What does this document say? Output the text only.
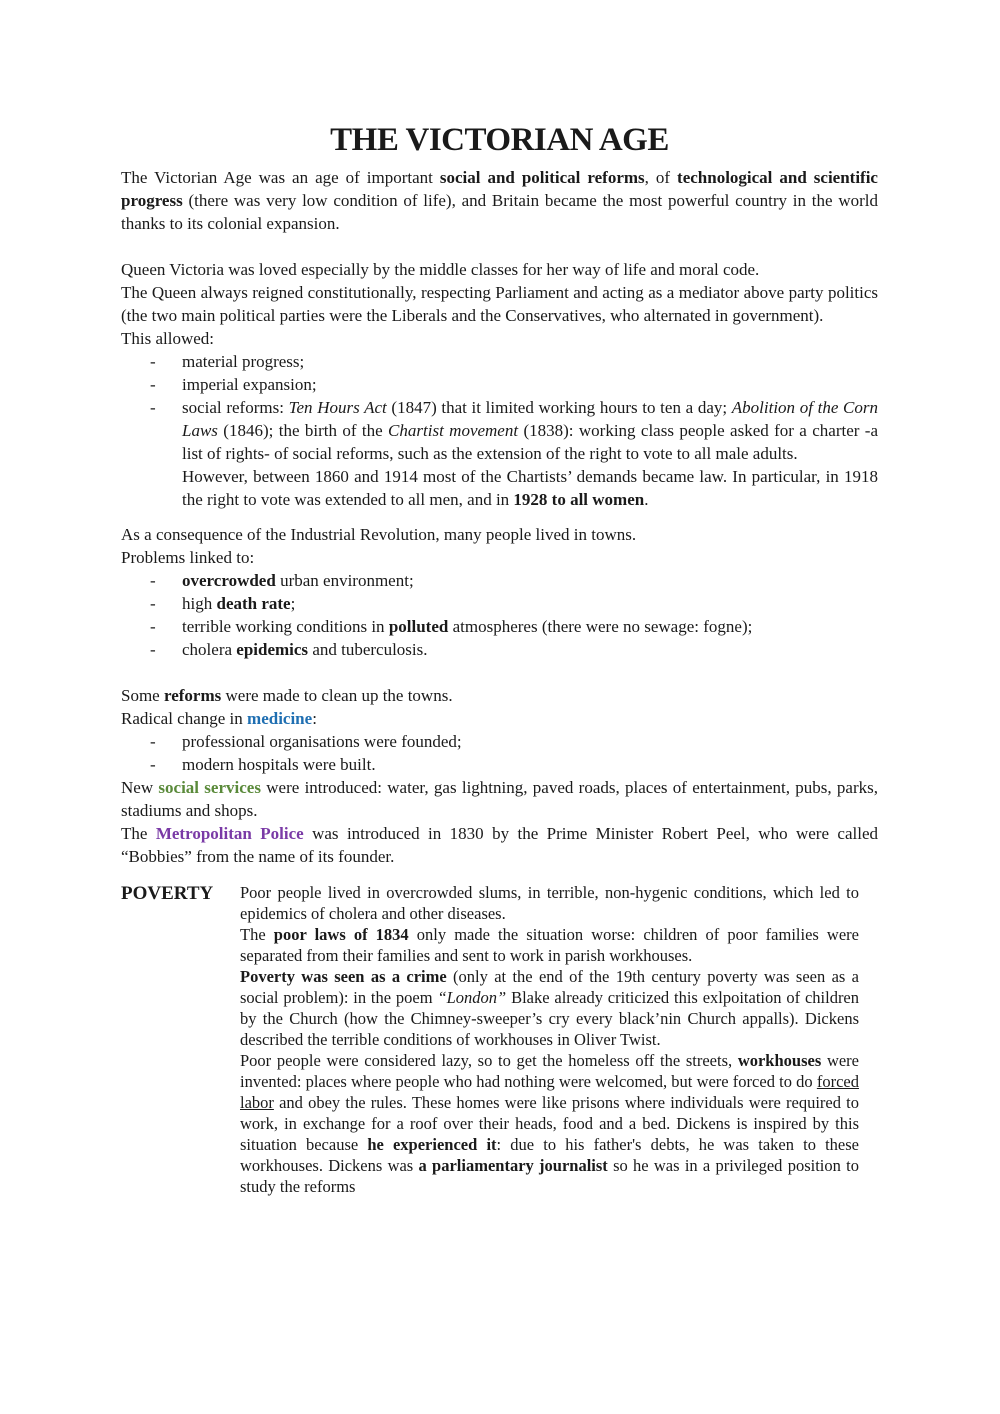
THE VICTORIAN AGE

The Victorian Age was an age of important social and political reforms, of technological and scientific progress (there was very low condition of life), and Britain became the most powerful country in the world thanks to its colonial expansion.

Queen Victoria was loved especially by the middle classes for her way of life and moral code.

The Queen always reigned constitutionally, respecting Parliament and acting as a mediator above party politics (the two main political parties were the Liberals and the Conservatives, who alternated in government).

This allowed:

- material progress;
- imperial expansion;
- social reforms: Ten Hours Act (1847) that it limited working hours to ten a day; Abolition of the Corn Laws (1846); the birth of the Chartist movement (1838): working class people asked for a charter -a list of rights- of social reforms, such as the extension of the right to vote to all male adults.
However, between 1860 and 1914 most of the Chartists’ demands became law. In particular, in 1918 the right to vote was extended to all men, and in 1928 to all women.

As a consequence of the Industrial Revolution, many people lived in towns.

Problems linked to:

- overcrowded urban environment;
- high death rate;
- terrible working conditions in polluted atmospheres (there were no sewage: fogne);
- cholera epidemics and tuberculosis.

Some reforms were made to clean up the towns.

Radical change in medicine:

- professional organisations were founded;
- modern hospitals were built.

New social services were introduced: water, gas lightning, paved roads, places of entertainment, pubs, parks, stadiums and shops.

The Metropolitan Police was introduced in 1830 by the Prime Minister Robert Peel, who were called “Bobbies” from the name of its founder.

POVERTY	Poor people lived in overcrowded slums, in terrible, non-hygenic conditions, which led to epidemics of cholera and other diseases.

The poor laws of 1834 only made the situation worse: children of poor families were separated from their families and sent to work in parish workhouses.

Poverty was seen as a crime (only at the end of the 19th century poverty was seen as a social problem): in the poem “London” Blake already criticized this exlpoitation of children by the Church (how the Chimney-sweeper’s cry every black’nin Church appalls). Dickens described the terrible conditions of workhouses in Oliver Twist.

Poor people were considered lazy, so to get the homeless off the streets, workhouses were invented: places where people who had nothing were welcomed, but were forced to do forced labor and obey the rules. These homes were like prisons where individuals were required to work, in exchange for a roof over their heads, food and a bed. Dickens is inspired by this situation because he experienced it: due to his father's debts, he was taken to these workhouses. Dickens was a parliamentary journalist so he was in a privileged position to study the reforms
